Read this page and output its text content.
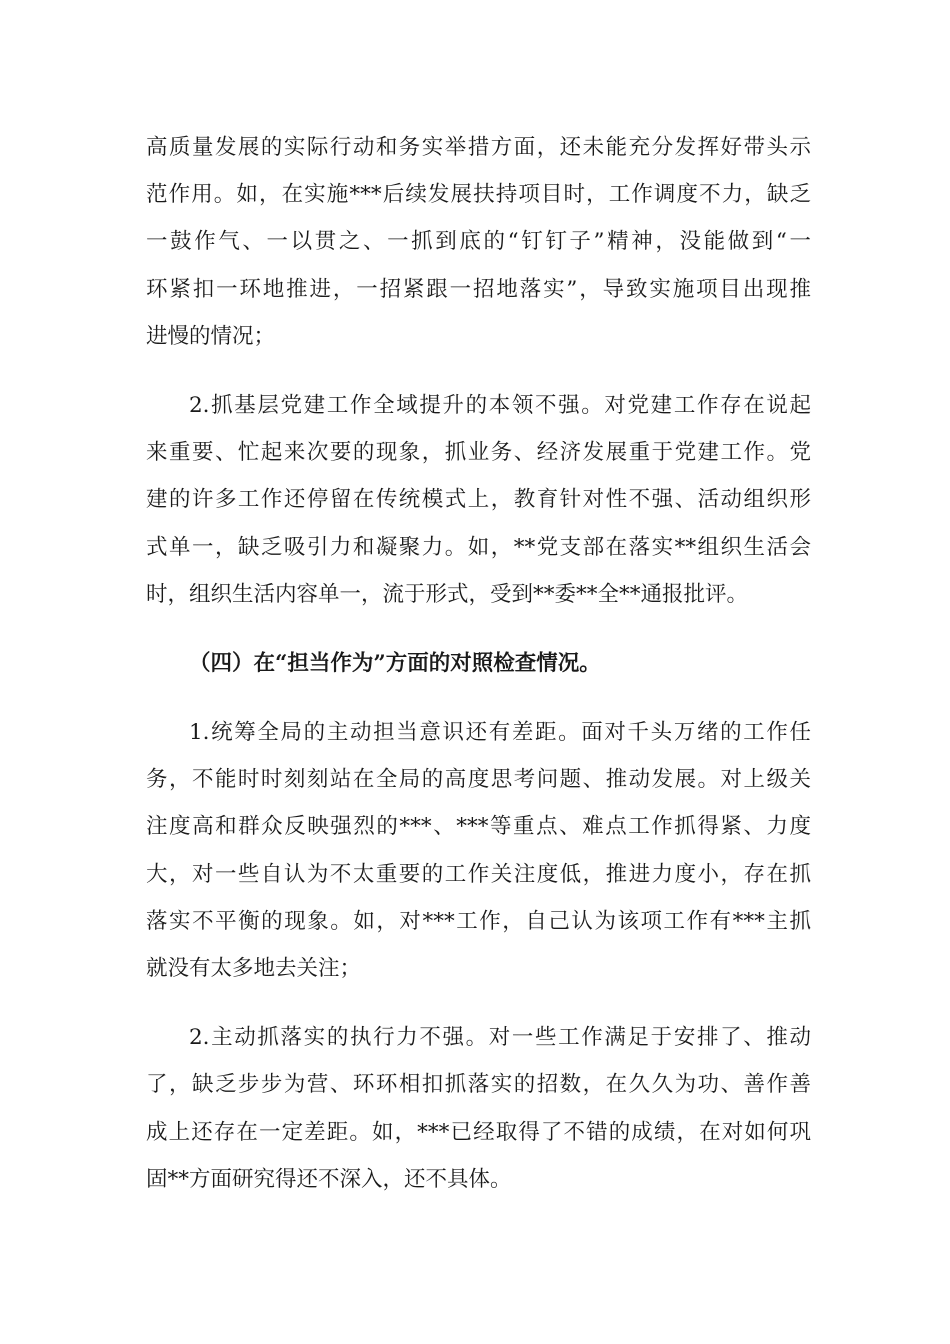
高质量发展的实际行动和务实举措方面，还未能充分发挥好带头示
范作用。如，在实施***后续发展扶持项目时，工作调度不力，缺乏
一鼓作气、一以贯之、一抓到底的“钉钉子”精神，没能做到“一
环紧扣一环地推进，一招紧跟一招地落实”，导致实施项目出现推
进慢的情况；
2.抓基层党建工作全域提升的本领不强。对党建工作存在说起
来重要、忙起来次要的现象，抓业务、经济发展重于党建工作。党
建的许多工作还停留在传统模式上，教育针对性不强、活动组织形
式单一，缺乏吸引力和凝聚力。如，**党支部在落实**组织生活会
时，组织生活内容单一，流于形式，受到**委**全**通报批评。
（四）在“担当作为”方面的对照检查情况。
1.统筹全局的主动担当意识还有差距。面对千头万绪的工作任
务，不能时时刻刻站在全局的高度思考问题、推动发展。对上级关
注度高和群众反映强烈的***、***等重点、难点工作抓得紧、力度
大，对一些自认为不太重要的工作关注度低，推进力度小，存在抓
落实不平衡的现象。如，对***工作，自己认为该项工作有***主抓
就没有太多地去关注；
2.主动抓落实的执行力不强。对一些工作满足于安排了、推动
了，缺乏步步为营、环环相扣抓落实的招数，在久久为功、善作善
成上还存在一定差距。如，***已经取得了不错的成绩，在对如何巩
固**方面研究得还不深入，还不具体。
